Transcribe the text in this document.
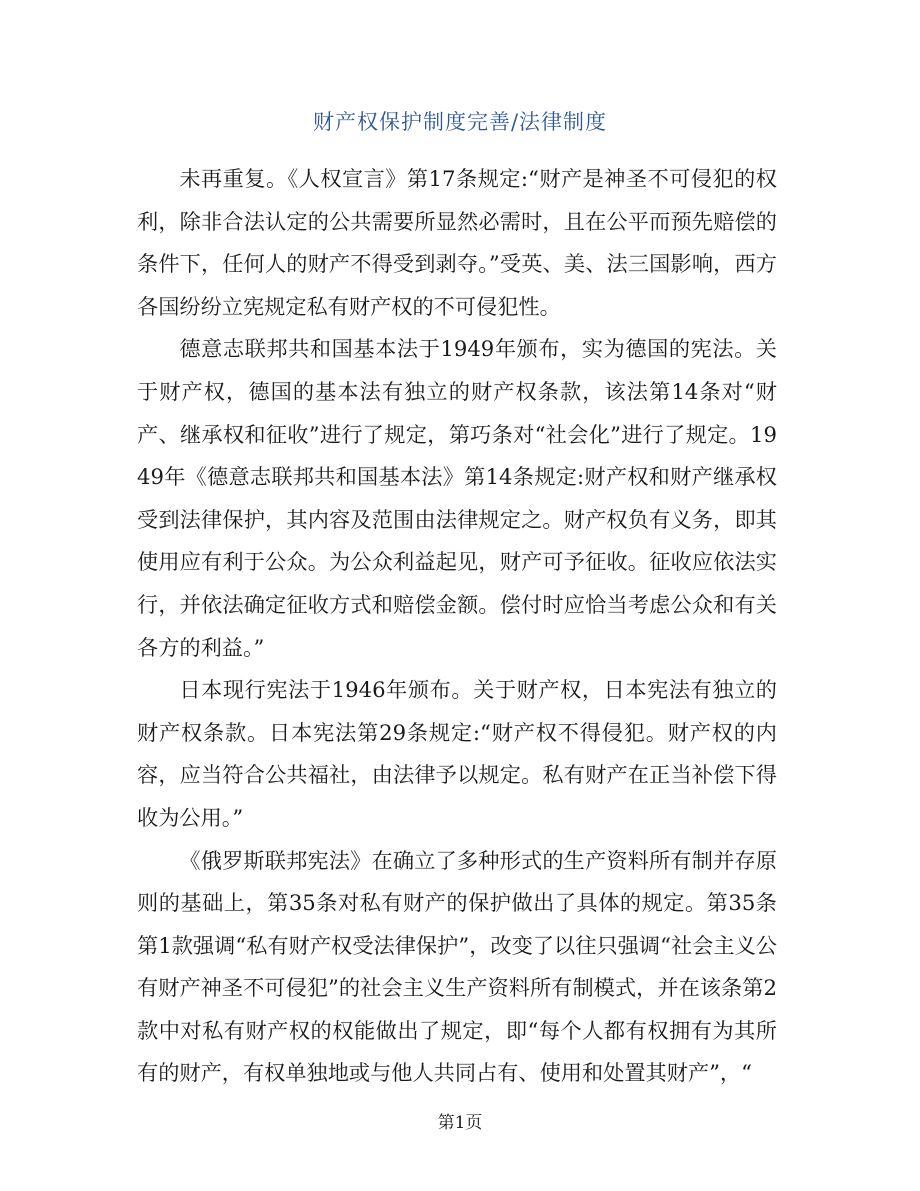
财产权保护制度完善/法律制度

未再重复。《人权宣言》第17条规定:“财产是神圣不可侵犯的权利，除非合法认定的公共需要所显然必需时，且在公平而预先赔偿的条件下，任何人的财产不得受到剥夺。”受英、美、法三国影响，西方各国纷纷立宪规定私有财产权的不可侵犯性。

德意志联邦共和国基本法于1949年颁布，实为德国的宪法。关于财产权，德国的基本法有独立的财产权条款，该法第14条对“财产、继承权和征收”进行了规定，第巧条对“社会化”进行了规定。1949年《德意志联邦共和国基本法》第14条规定:财产权和财产继承权受到法律保护，其内容及范围由法律规定之。财产权负有义务，即其使用应有利于公众。为公众利益起见，财产可予征收。征收应依法实行，并依法确定征收方式和赔偿金额。偿付时应恰当考虑公众和有关各方的利益。”

日本现行宪法于1946年颁布。关于财产权，日本宪法有独立的财产权条款。日本宪法第29条规定:“财产权不得侵犯。财产权的内容，应当符合公共福社，由法律予以规定。私有财产在正当补偿下得收为公用。”

《俄罗斯联邦宪法》在确立了多种形式的生产资料所有制并存原则的基础上，第35条对私有财产的保护做出了具体的规定。第35条第1款强调“私有财产权受法律保护”，改变了以往只强调“社会主义公有财产神圣不可侵犯”的社会主义生产资料所有制模式，并在该条第2款中对私有财产权的权能做出了规定，即“每个人都有权拥有为其所有的财产，有权单独地或与他人共同占有、使用和处置其财产”，“

第1页
